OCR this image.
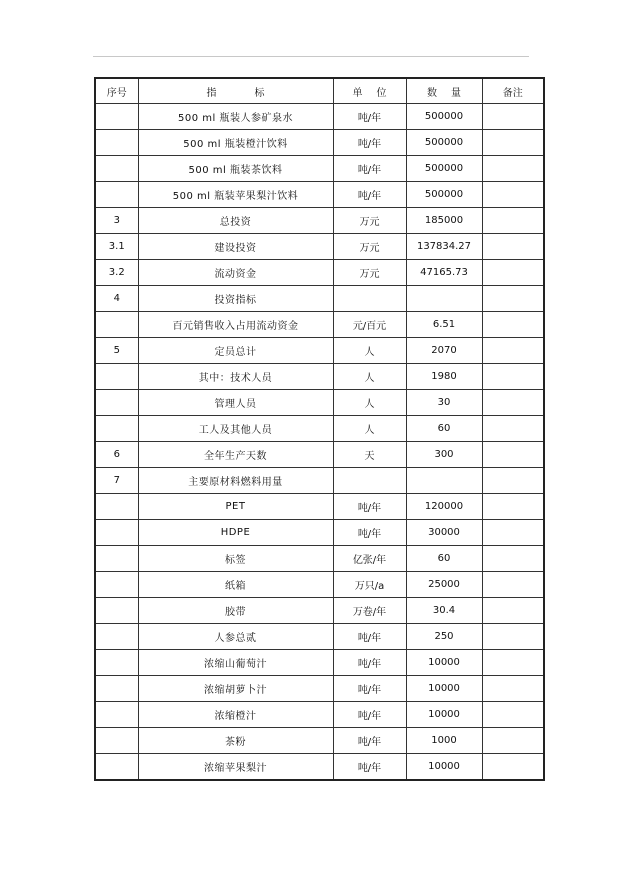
序号	指标	单位	数量	备注
	500 ml 瓶装人参矿泉水	吨/年	500000	
	500 ml 瓶装橙汁饮料	吨/年	500000	
	500 ml 瓶装茶饮料	吨/年	500000	
	500 ml 瓶装苹果梨汁饮料	吨/年	500000	
3	总投资	万元	185000	
3.1	建设投资	万元	137834.27	
3.2	流动资金	万元	47165.73	
4	投资指标			
	百元销售收入占用流动资金	元/百元	6.51	
5	定员总计	人	2070	
	其中：技术人员	人	1980	
	管理人员	人	30	
	工人及其他人员	人	60	
6	全年生产天数	天	300	
7	主要原材料燃料用量			
	PET	吨/年	120000	
	HDPE	吨/年	30000	
	标签	亿张/年	60	
	纸箱	万只/a	25000	
	胶带	万卷/年	30.4	
	人参总贰	吨/年	250	
	浓缩山葡萄汁	吨/年	10000	
	浓缩胡萝卜汁	吨/年	10000	
	浓缩橙汁	吨/年	10000	
	茶粉	吨/年	1000	
	浓缩苹果梨汁	吨/年	10000	
